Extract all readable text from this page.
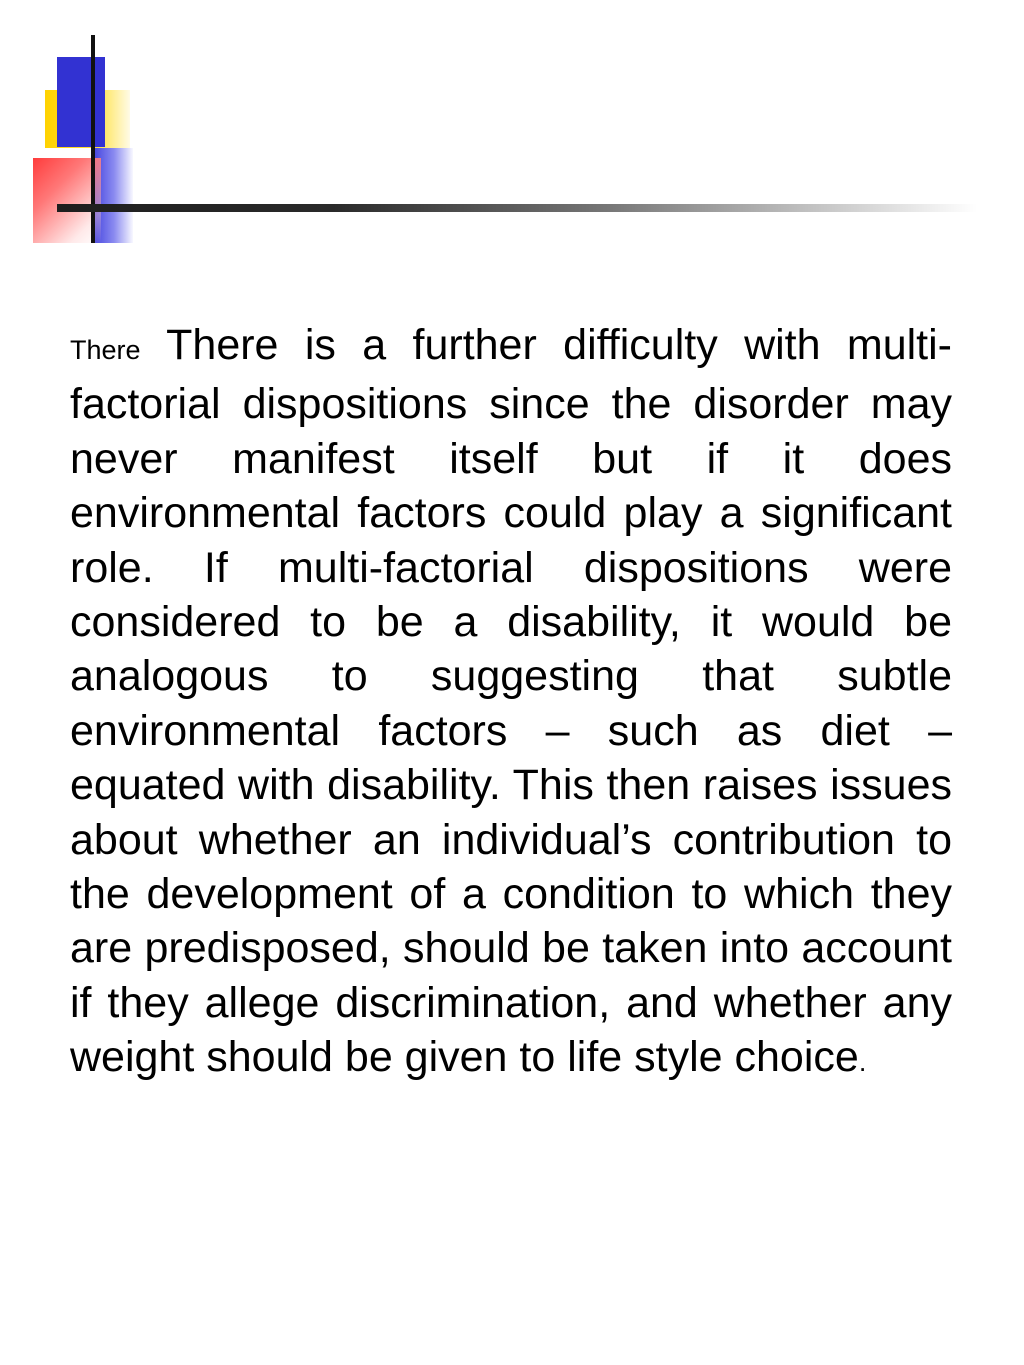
There There is a further difficulty with multi-factorial dispositions since the disorder may never manifest itself but if it does environmental factors could play a significant role. If multi-factorial dispositions were considered to be a disability, it would be analogous to suggesting that subtle environmental factors – such as diet – equated with disability. This then raises issues about whether an individual’s contribution to the development of a condition to which they are predisposed, should be taken into account if they allege discrimination, and whether any weight should be given to life style choice.
